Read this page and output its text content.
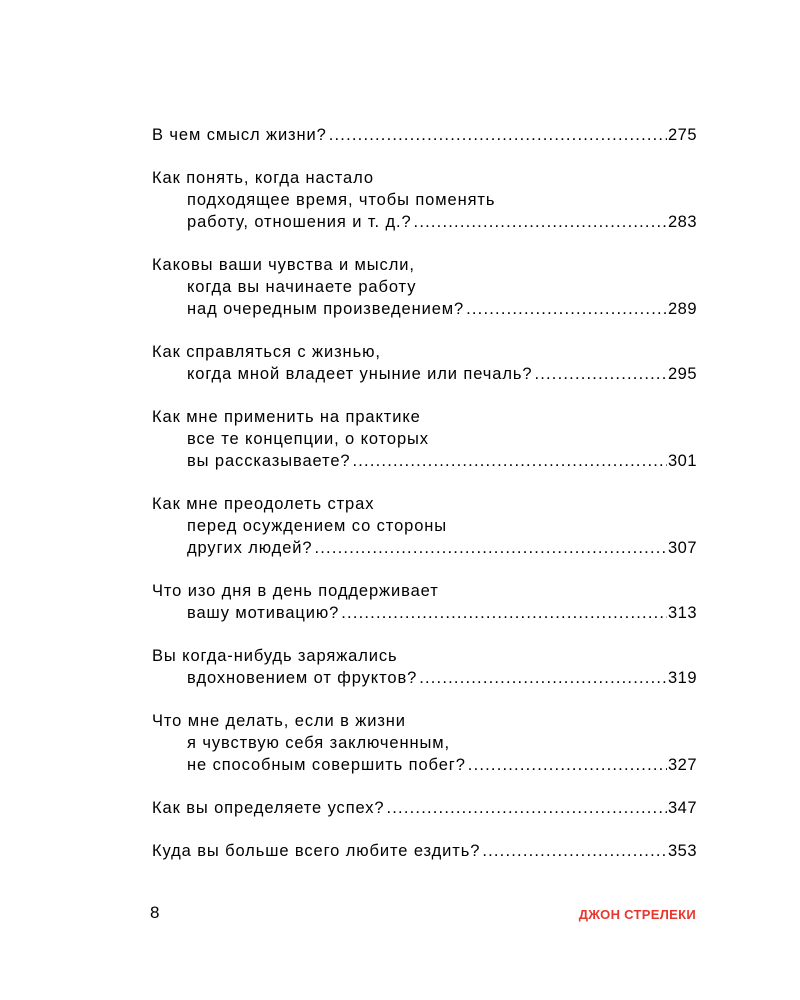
В чем смысл жизни? .....	275
Как понять, когда настало
подходящее время, чтобы поменять
работу, отношения и т. д.? .....	283
Каковы ваши чувства и мысли,
когда вы начинаете работу
над очередным произведением? .....	289
Как справляться с жизнью,
когда мной владеет уныние или печаль? .....	295
Как мне применить на практике
все те концепции, о которых
вы рассказываете? .....	301
Как мне преодолеть страх
перед осуждением со стороны
других людей? .....	307
Что изо дня в день поддерживает
вашу мотивацию? .....	313
Вы когда-нибудь заряжались
вдохновением от фруктов? .....	319
Что мне делать, если в жизни
я чувствую себя заключенным,
не способным совершить побег? .....	327
Как вы определяете успех? .....	347
Куда вы больше всего любите ездить? .....	353
8	ДЖОН СТРЕЛЕКИ
